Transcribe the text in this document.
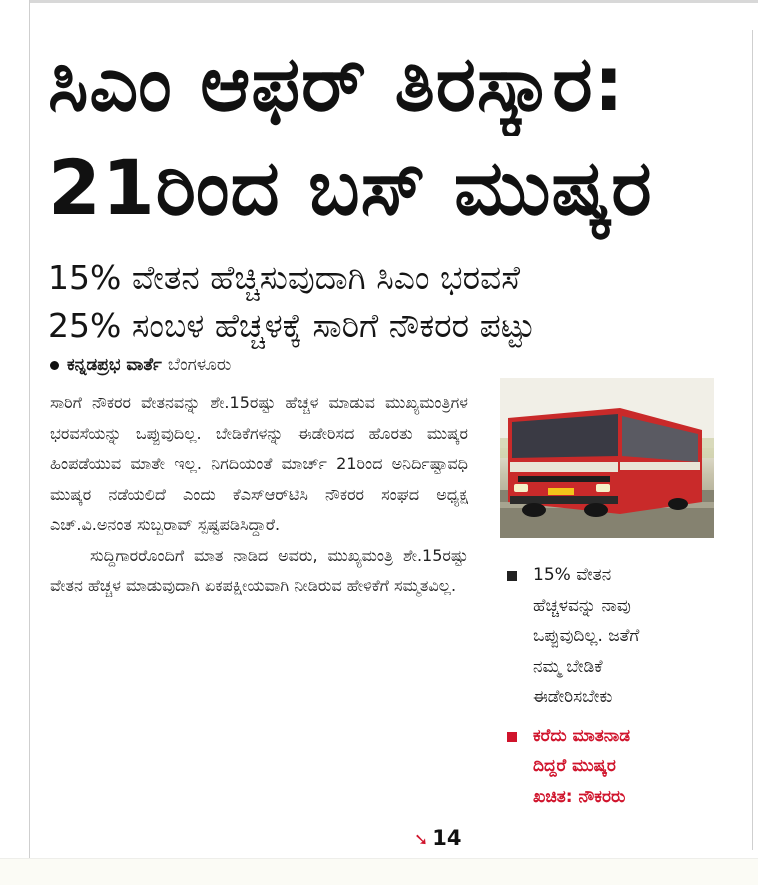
ಸಿಎಂ ಆಫರ್ ತಿರಸ್ಕಾರ:
21ರಿಂದ ಬಸ್ ಮುಷ್ಕರ
15% ವೇತನ ಹೆಚ್ಚಿಸುವುದಾಗಿ ಸಿಎಂ ಭರವಸೆ
25% ಸಂಬಳ ಹೆಚ್ಚಳಕ್ಕೆ ಸಾರಿಗೆ ನೌಕರರ ಪಟ್ಟು
ಕನ್ನಡಪ್ರಭ ವಾರ್ತೆ ಬೆಂಗಳೂರು

ಸಾರಿಗೆ ನೌಕರರ ವೇತನವನ್ನು ಶೇ.15ರಷ್ಟು ಹೆಚ್ಚಳ ಮಾಡುವ ಮುಖ್ಯಮಂತ್ರಿಗಳ ಭರವಸೆಯನ್ನು ಒಪ್ಪುವುದಿಲ್ಲ. ಬೇಡಿಕೆಗಳನ್ನು ಈಡೇರಿಸದ ಹೊರತು ಮುಷ್ಕರ ಹಿಂಪಡೆಯುವ ಮಾತೇ ಇಲ್ಲ. ನಿಗದಿಯಂತೆ ಮಾರ್ಚ್ 21ರಿಂದ ಅನಿರ್ದಿಷ್ಟಾವಧಿ ಮುಷ್ಕರ ನಡೆಯಲಿದೆ ಎಂದು ಕೆಎಸ್‌ಆರ್‌ಟಿಸಿ ನೌಕರರ ಸಂಘದ ಅಧ್ಯಕ್ಷ ಎಚ್.ವಿ.ಅನಂತ ಸುಬ್ಬರಾವ್ ಸ್ಪಷ್ಟಪಡಿಸಿದ್ದಾರೆ.

ಸುದ್ದಿಗಾರರೊಂದಿಗೆ ಮಾತ ನಾಡಿದ ಅವರು, ಮುಖ್ಯಮಂತ್ರಿ ಶೇ.15ರಷ್ಟು ವೇತನ ಹೆಚ್ಚಳ ಮಾಡುವುದಾಗಿ ಏಕಪಕ್ಷೀಯವಾಗಿ ನೀಡಿರುವ ಹೇಳಿಕೆಗೆ ಸಮ್ಮತವಿಲ್ಲ.

➘ 14
15% ವೇತನ
ಹೆಚ್ಚಳವನ್ನು ನಾವು
ಒಪ್ಪುವುದಿಲ್ಲ. ಜತೆಗೆ
ನಮ್ಮ ಬೇಡಿಕೆ
ಈಡೇರಿಸಬೇಕು
ಕರೆದು ಮಾತನಾಡ
ದಿದ್ದರೆ ಮುಷ್ಕರ
ಖಚಿತ: ನೌಕರರು
